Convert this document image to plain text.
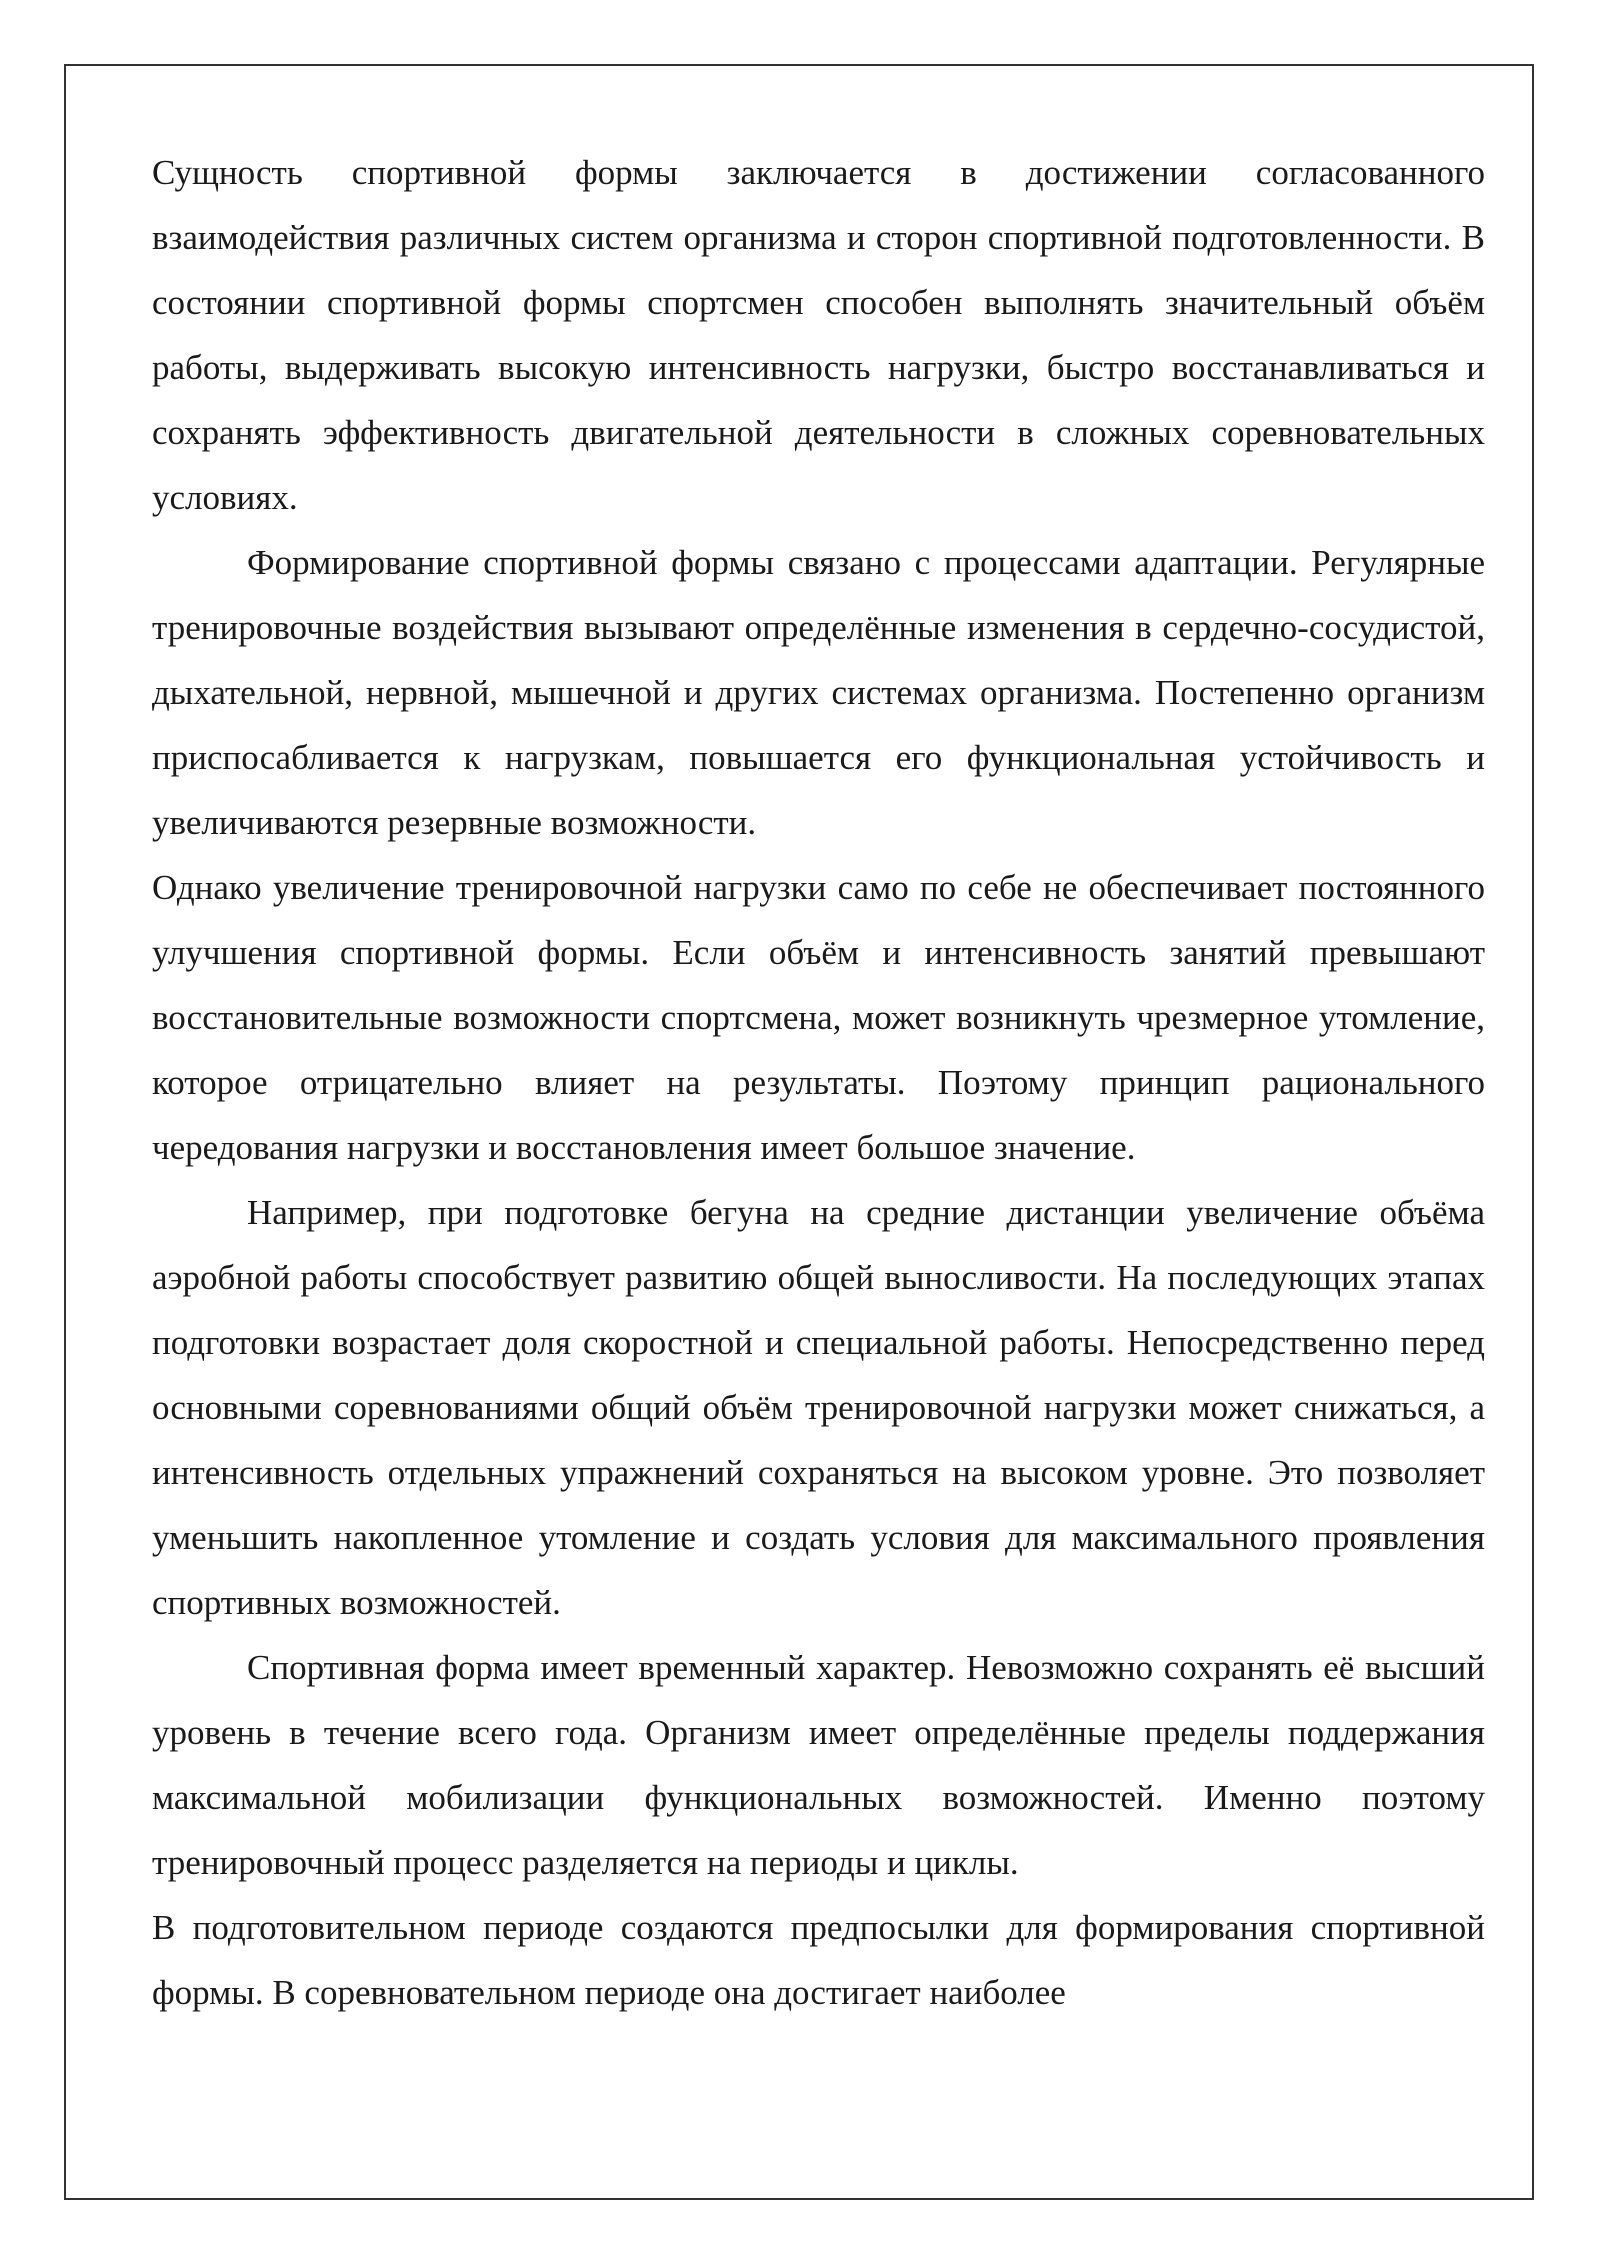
Сущность спортивной формы заключается в достижении согласованного взаимодействия различных систем организма и сторон спортивной подготовленности. В состоянии спортивной формы спортсмен способен выполнять значительный объём работы, выдерживать высокую интенсивность нагрузки, быстро восстанавливаться и сохранять эффективность двигательной деятельности в сложных соревновательных условиях.

Формирование спортивной формы связано с процессами адаптации. Регулярные тренировочные воздействия вызывают определённые изменения в сердечно-сосудистой, дыхательной, нервной, мышечной и других системах организма. Постепенно организм приспосабливается к нагрузкам, повышается его функциональная устойчивость и увеличиваются резервные возможности.

Однако увеличение тренировочной нагрузки само по себе не обеспечивает постоянного улучшения спортивной формы. Если объём и интенсивность занятий превышают восстановительные возможности спортсмена, может возникнуть чрезмерное утомление, которое отрицательно влияет на результаты. Поэтому принцип рационального чередования нагрузки и восстановления имеет большое значение.

Например, при подготовке бегуна на средние дистанции увеличение объёма аэробной работы способствует развитию общей выносливости. На последующих этапах подготовки возрастает доля скоростной и специальной работы. Непосредственно перед основными соревнованиями общий объём тренировочной нагрузки может снижаться, а интенсивность отдельных упражнений сохраняться на высоком уровне. Это позволяет уменьшить накопленное утомление и создать условия для максимального проявления спортивных возможностей.

Спортивная форма имеет временный характер. Невозможно сохранять её высший уровень в течение всего года. Организм имеет определённые пределы поддержания максимальной мобилизации функциональных возможностей. Именно поэтому тренировочный процесс разделяется на периоды и циклы.

В подготовительном периоде создаются предпосылки для формирования спортивной формы. В соревновательном периоде она достигает наиболее
